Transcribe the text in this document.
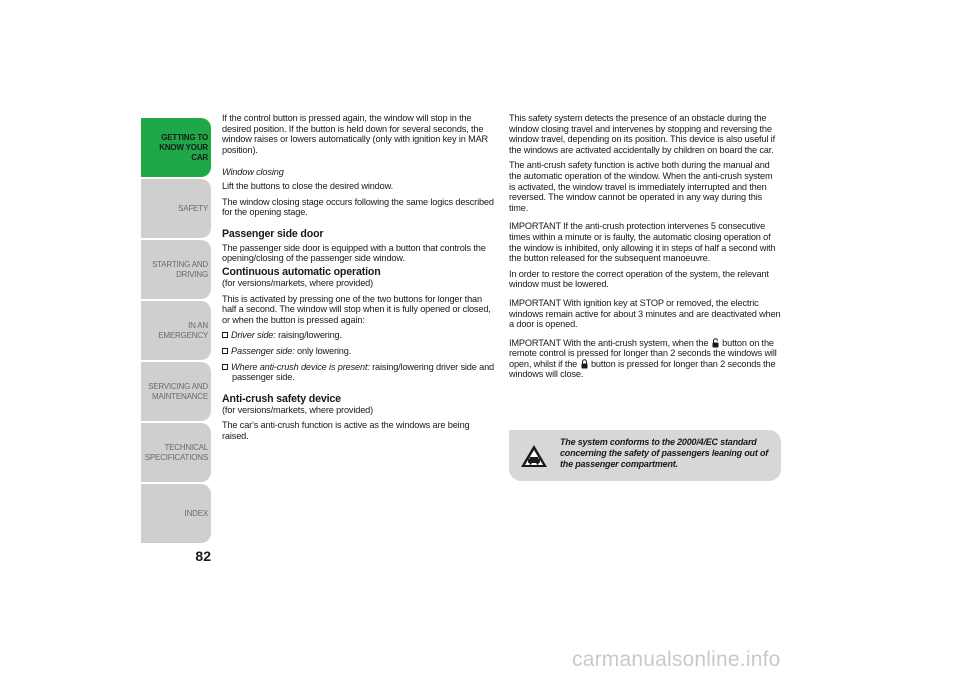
GETTING TO
KNOW YOUR CAR
SAFETY
STARTING AND
DRIVING
IN AN EMERGENCY
SERVICING AND
MAINTENANCE
TECHNICAL
SPECIFICATIONS
INDEX
82

If the control button is pressed again, the window will stop in the desired position. If the button is held down for several seconds, the window raises or lowers automatically (only with ignition key in MAR position).

Window closing

Lift the buttons to close the desired window.

The window closing stage occurs following the same logics described for the opening stage.

Passenger side door

The passenger side door is equipped with a button that controls the opening/closing of the passenger side window.

Continuous automatic operation

(for versions/markets, where provided)

This is activated by pressing one of the two buttons for longer than half a second. The window will stop when it is fully opened or closed, or when the button is pressed again:

Driver side: raising/lowering.

Passenger side: only lowering.

Where anti-crush device is present: raising/lowering driver side and passenger side.

Anti-crush safety device

(for versions/markets, where provided)

The car's anti-crush function is active as the windows are being raised.

This safety system detects the presence of an obstacle during the window closing travel and intervenes by stopping and reversing the window travel, depending on its position. This device is also useful if the windows are activated accidentally by children on board the car.

The anti-crush safety function is active both during the manual and the automatic operation of the window. When the anti-crush system is activated, the window travel is immediately interrupted and then reversed. The window cannot be operated in any way during this time.

IMPORTANT If the anti-crush protection intervenes 5 consecutive times within a minute or is faulty, the automatic closing operation of the window is inhibited, only allowing it in steps of half a second with the button released for the subsequent manoeuvre.

In order to restore the correct operation of the system, the relevant window must be lowered.

IMPORTANT With ignition key at STOP or removed, the electric windows remain active for about 3 minutes and are deactivated when a door is opened.

IMPORTANT With the anti-crush system, when the  button on the remote control is pressed for longer than 2 seconds the windows will open, whilst if the  button is pressed for longer than 2 seconds the windows will close.

The system conforms to the 2000/4/EC standard concerning the safety of passengers leaning out of the passenger compartment.
carmanualsonline.info
